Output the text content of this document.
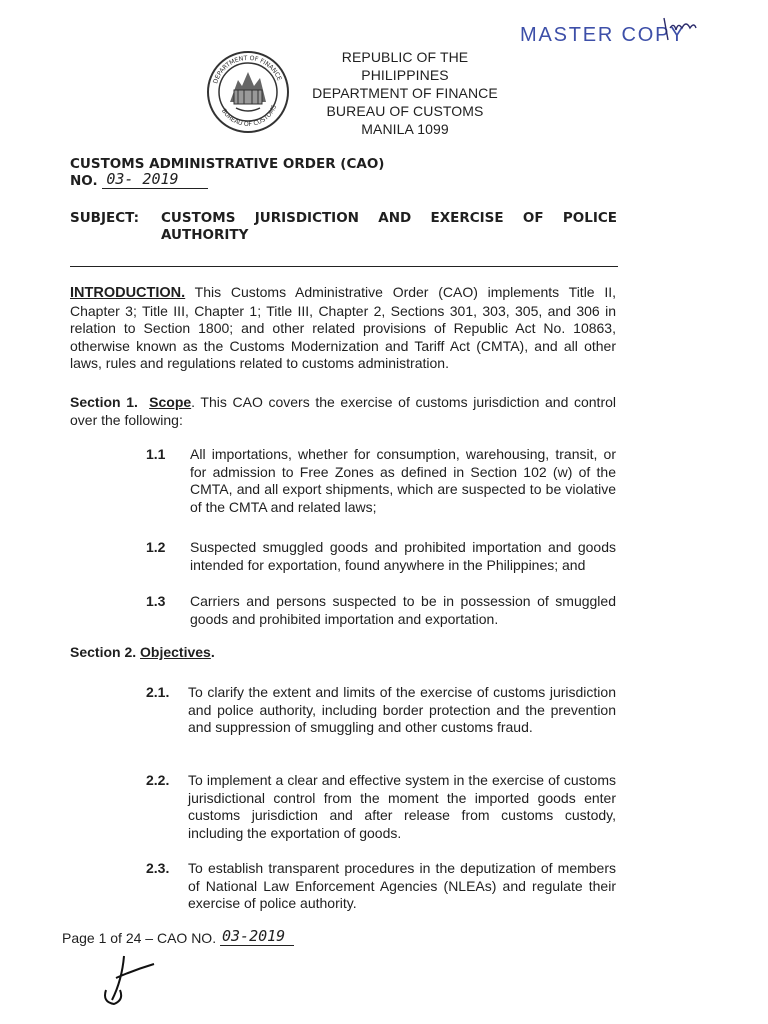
DEPARTMENT OF FINANCE
BUREAU OF CUSTOMS
REPUBLIC OF THE PHILIPPINES
DEPARTMENT OF FINANCE
BUREAU OF CUSTOMS
MANILA 1099
MASTER COPY
CUSTOMS ADMINISTRATIVE ORDER (CAO)
NO. 03- 2019
SUBJECT: CUSTOMS JURISDICTION AND EXERCISE OF POLICE
AUTHORITY
INTRODUCTION. This Customs Administrative Order (CAO) implements Title II, Chapter 3; Title III, Chapter 1; Title III, Chapter 2, Sections 301, 303, 305, and 306 in relation to Section 1800; and other related provisions of Republic Act No. 10863, otherwise known as the Customs Modernization and Tariff Act (CMTA), and all other laws, rules and regulations related to customs administration.
Section 1. Scope. This CAO covers the exercise of customs jurisdiction and control over the following:
1.1	All importations, whether for consumption, warehousing, transit, or for admission to Free Zones as defined in Section 102 (w) of the CMTA, and all export shipments, which are suspected to be violative of the CMTA and related laws;
1.2	Suspected smuggled goods and prohibited importation and goods intended for exportation, found anywhere in the Philippines; and
1.3	Carriers and persons suspected to be in possession of smuggled goods and prohibited importation and exportation.
Section 2. Objectives.
2.1.	To clarify the extent and limits of the exercise of customs jurisdiction and police authority, including border protection and the prevention and suppression of smuggling and other customs fraud.
2.2.	To implement a clear and effective system in the exercise of customs jurisdictional control from the moment the imported goods enter customs jurisdiction and after release from customs custody, including the exportation of goods.
2.3.	To establish transparent procedures in the deputization of members of National Law Enforcement Agencies (NLEAs) and regulate their exercise of police authority.
Page 1 of 24 – CAO NO. 03-2019
